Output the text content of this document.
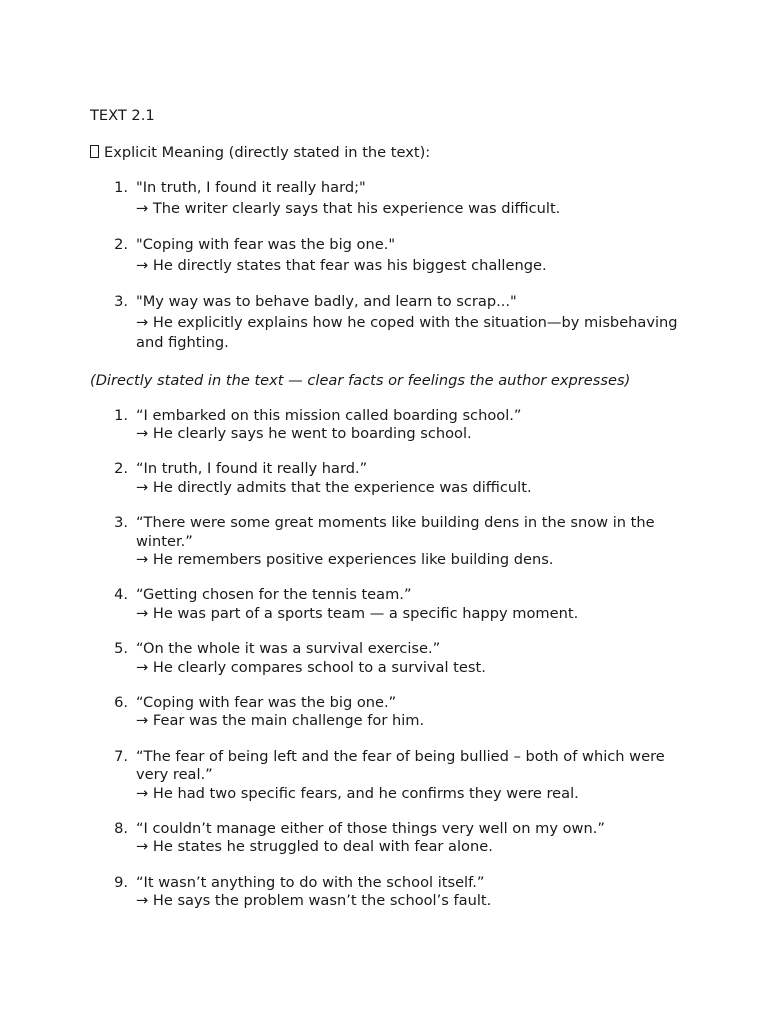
TEXT 2.1
Explicit Meaning (directly stated in the text):
1. "In truth, I found it really hard;"
→ The writer clearly says that his experience was difficult.
2. "Coping with fear was the big one."
→ He directly states that fear was his biggest challenge.
3. "My way was to behave badly, and learn to scrap..."
→ He explicitly explains how he coped with the situation—by misbehaving and fighting.
(Directly stated in the text — clear facts or feelings the author expresses)
1. “I embarked on this mission called boarding school.”
→ He clearly says he went to boarding school.
2. “In truth, I found it really hard.”
→ He directly admits that the experience was difficult.
3. “There were some great moments like building dens in the snow in the winter.”
→ He remembers positive experiences like building dens.
4. “Getting chosen for the tennis team.”
→ He was part of a sports team — a specific happy moment.
5. “On the whole it was a survival exercise.”
→ He clearly compares school to a survival test.
6. “Coping with fear was the big one.”
→ Fear was the main challenge for him.
7. “The fear of being left and the fear of being bullied – both of which were very real.”
→ He had two specific fears, and he confirms they were real.
8. “I couldn’t manage either of those things very well on my own.”
→ He states he struggled to deal with fear alone.
9. “It wasn’t anything to do with the school itself.”
→ He says the problem wasn’t the school’s fault.
